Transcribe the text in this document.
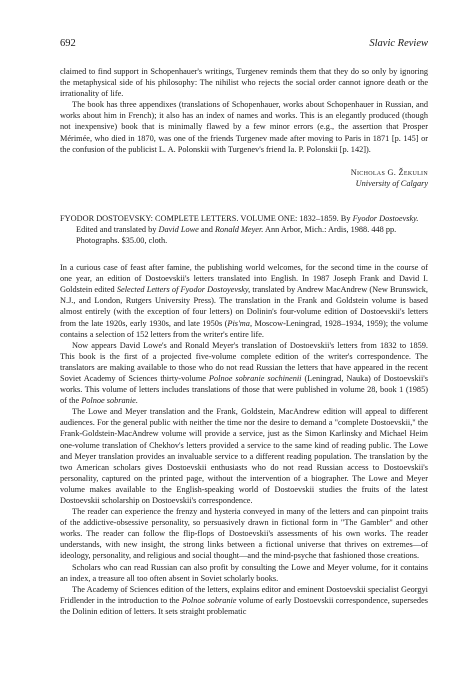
692	Slavic Review

claimed to find support in Schopenhauer's writings, Turgenev reminds them that they do so only by ignoring the metaphysical side of his philosophy: The nihilist who rejects the social order cannot ignore death or the irrationality of life.

The book has three appendixes (translations of Schopenhauer, works about Schopenhauer in Russian, and works about him in French); it also has an index of names and works. This is an elegantly produced (though not inexpensive) book that is minimally flawed by a few minor errors (e.g., the assertion that Prosper Mérimée, who died in 1870, was one of the friends Turgenev made after moving to Paris in 1871 [p. 145] or the confusion of the publicist L. A. Polonskii with Turgenev's friend Ia. P. Polonskii [p. 142]).

Nicholas G. Žekulin
University of Calgary
FYODOR DOSTOEVSKY: COMPLETE LETTERS. VOLUME ONE: 1832–1859. By Fyodor Dostoevsky. Edited and translated by David Lowe and Ronald Meyer. Ann Arbor, Mich.: Ardis, 1988. 448 pp. Photographs. $35.00, cloth.

In a curious case of feast after famine, the publishing world welcomes, for the second time in the course of one year, an edition of Dostoevskii's letters translated into English. In 1987 Joseph Frank and David I. Goldstein edited Selected Letters of Fyodor Dostoyevsky, translated by Andrew MacAndrew (New Brunswick, N.J., and London, Rutgers University Press). The translation in the Frank and Goldstein volume is based almost entirely (with the exception of four letters) on Dolinin's four-volume edition of Dostoevskii's letters from the late 1920s, early 1930s, and late 1950s (Pis'ma, Moscow-Leningrad, 1928–1934, 1959); the volume contains a selection of 152 letters from the writer's entire life.

Now appears David Lowe's and Ronald Meyer's translation of Dostoevskii's letters from 1832 to 1859. This book is the first of a projected five-volume complete edition of the writer's correspondence. The translators are making available to those who do not read Russian the letters that have appeared in the recent Soviet Academy of Sciences thirty-volume Polnoe sobranie sochinenii (Leningrad, Nauka) of Dostoevskii's works. This volume of letters includes translations of those that were published in volume 28, book 1 (1985) of the Polnoe sobranie.

The Lowe and Meyer translation and the Frank, Goldstein, MacAndrew edition will appeal to different audiences. For the general public with neither the time nor the desire to demand a "complete Dostoevskii," the Frank-Goldstein-MacAndrew volume will provide a service, just as the Simon Karlinsky and Michael Heim one-volume translation of Chekhov's letters provided a service to the same kind of reading public. The Lowe and Meyer translation provides an invaluable service to a different reading population. The translation by the two American scholars gives Dostoevskii enthusiasts who do not read Russian access to Dostoevskii's personality, captured on the printed page, without the intervention of a biographer. The Lowe and Meyer volume makes available to the English-speaking world of Dostoevskii studies the fruits of the latest Dostoevskii scholarship on Dostoevskii's correspondence.

The reader can experience the frenzy and hysteria conveyed in many of the letters and can pinpoint traits of the addictive-obsessive personality, so persuasively drawn in fictional form in "The Gambler" and other works. The reader can follow the flip-flops of Dostoevskii's assessments of his own works. The reader understands, with new insight, the strong links between a fictional universe that thrives on extremes—of ideology, personality, and religious and social thought—and the mind-psyche that fashioned those creations.

Scholars who can read Russian can also profit by consulting the Lowe and Meyer volume, for it contains an index, a treasure all too often absent in Soviet scholarly books.

The Academy of Sciences edition of the letters, explains editor and eminent Dostoevskii specialist Georgyi Fridlender in the introduction to the Polnoe sobranie volume of early Dostoevskii correspondence, supersedes the Dolinin edition of letters. It sets straight problematic
